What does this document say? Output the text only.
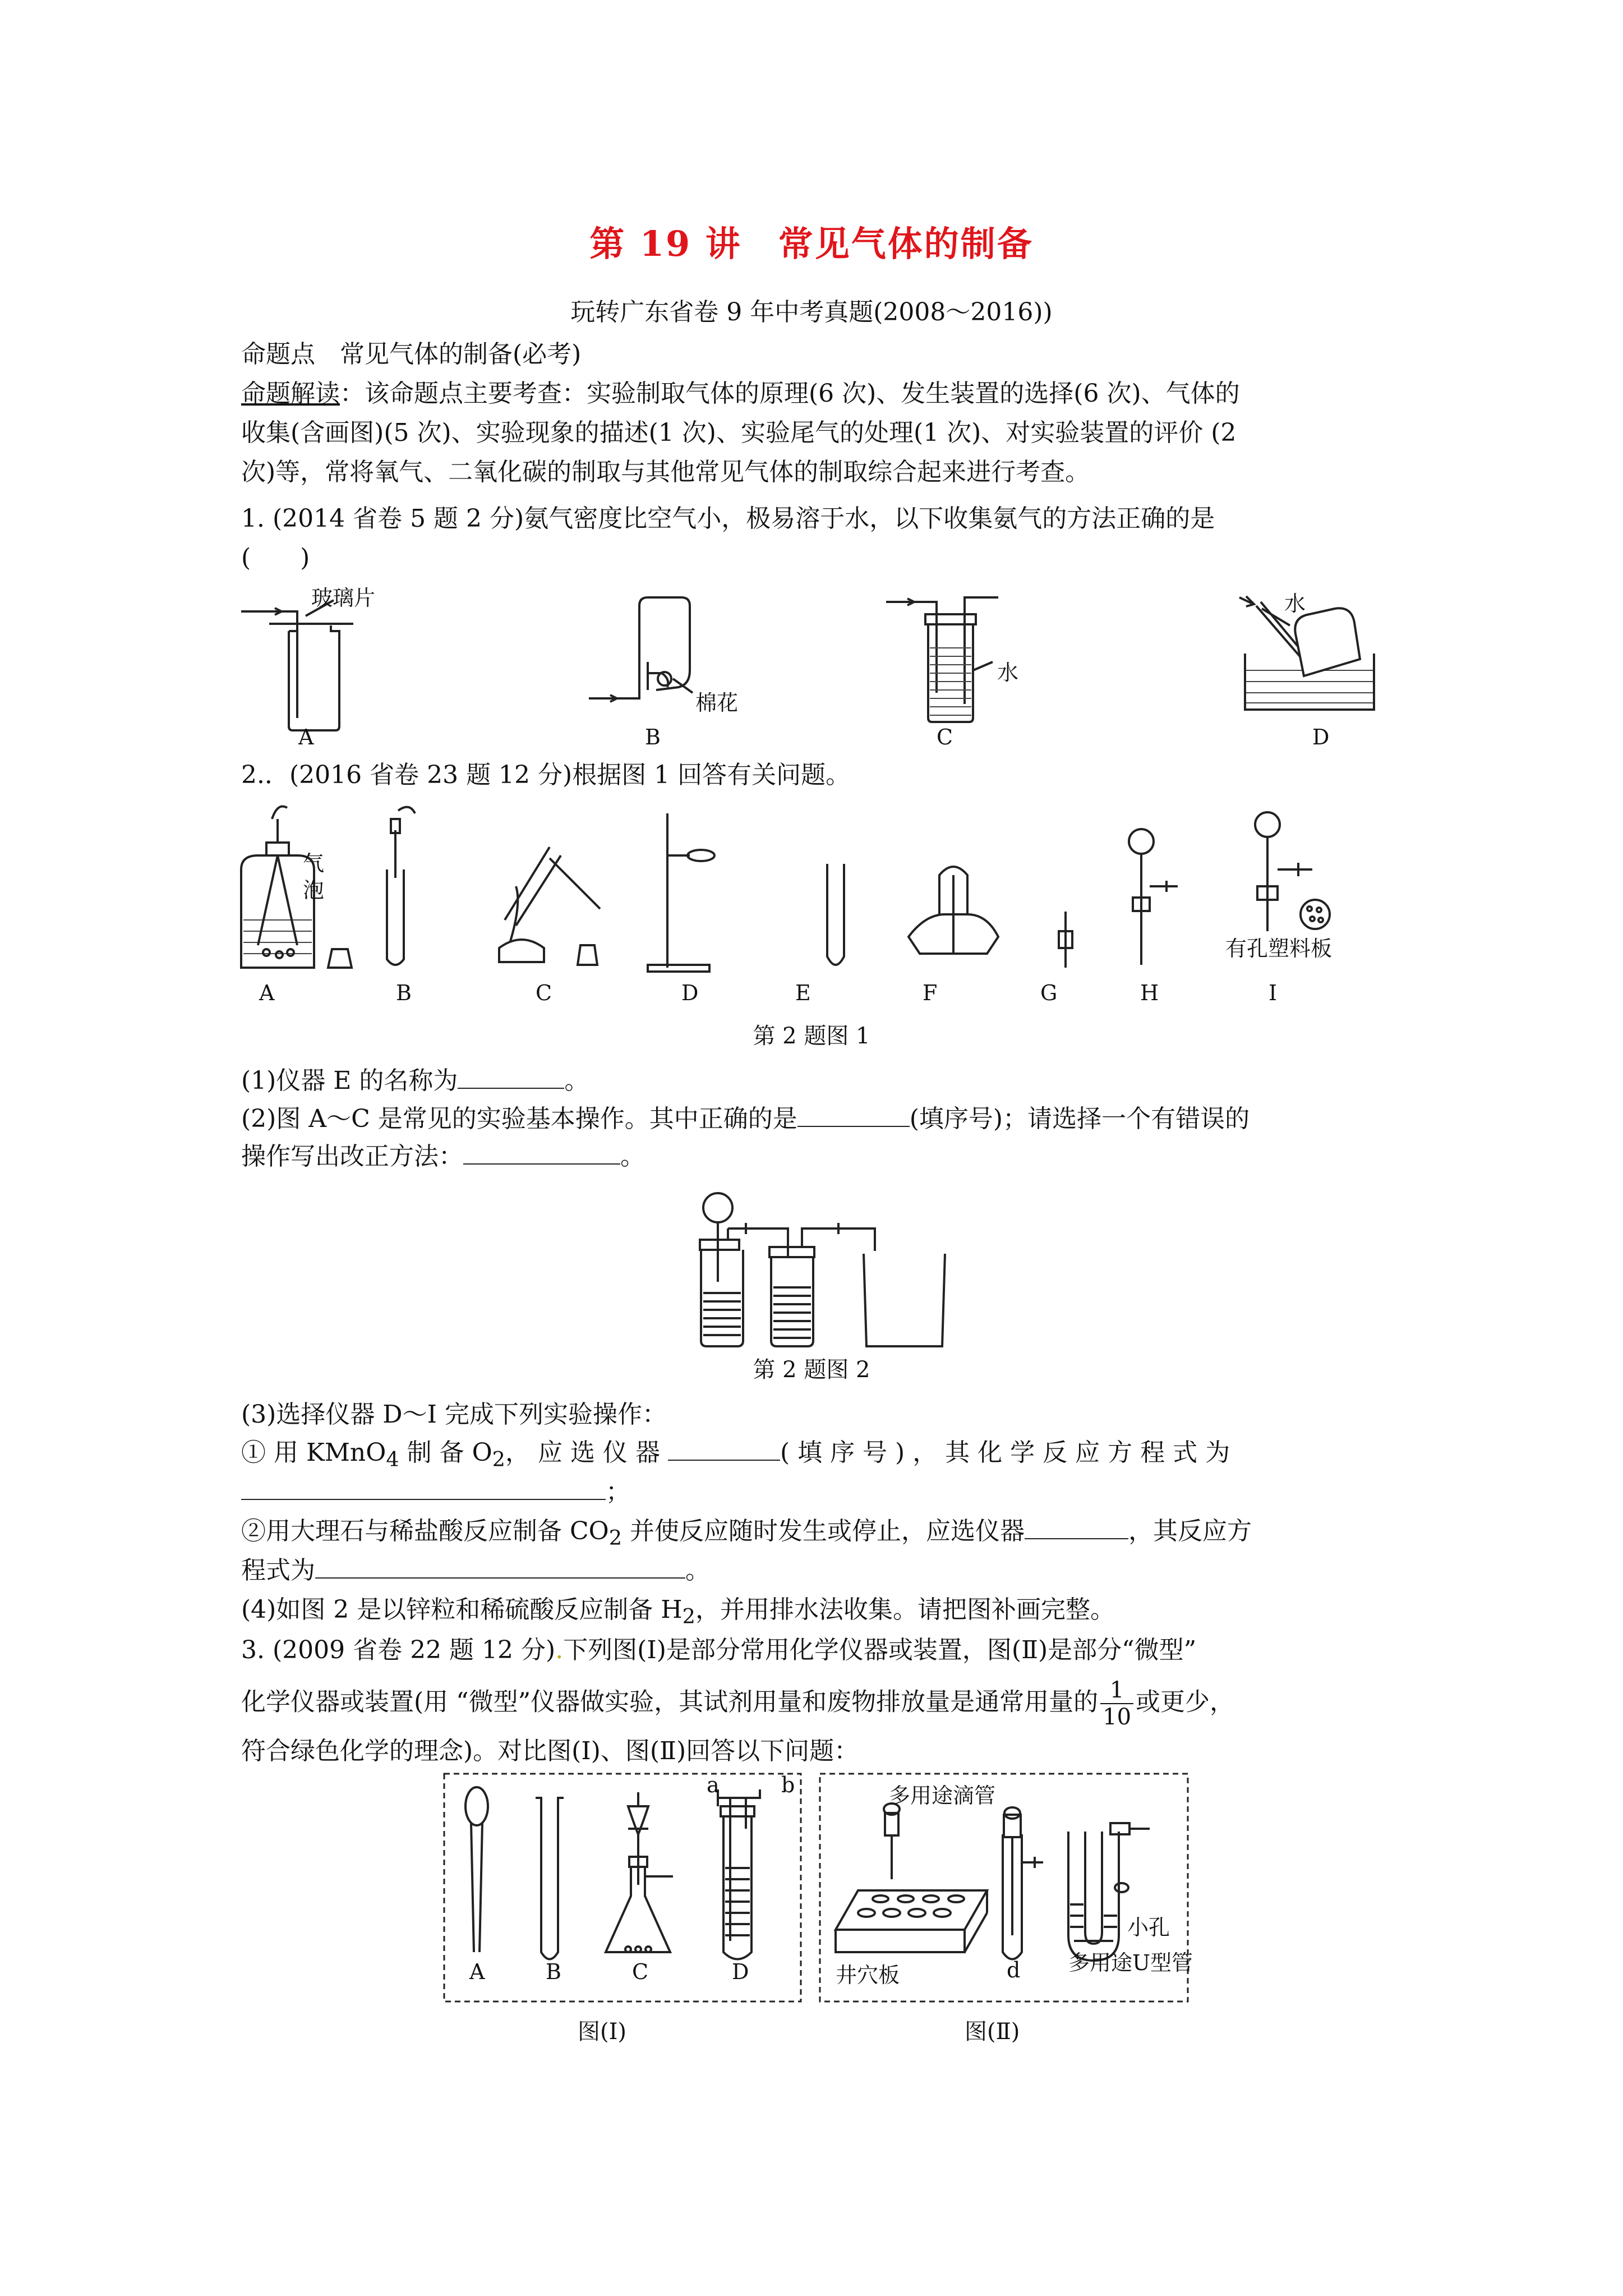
第 19 讲　常见气体的制备
玩转广东省卷 9 年中考真题(2008～2016))
命题点　常见气体的制备(必考)
命题解读：该命题点主要考查：实验制取气体的原理(6 次)、发生装置的选择(6 次)、气体的
收集(含画图)(5 次)、实验现象的描述(1 次)、实验尾气的处理(1 次)、对实验装置的评价 (2
次)等，常将氧气、二氧化碳的制取与其他常见气体的制取综合起来进行考查。
1. (2014 省卷 5 题 2 分)氨气密度比空气小，极易溶于水，以下收集氨气的方法正确的是
(　　)
玻璃片
A
棉花
B
水
C
水
D
2.．(2016 省卷 23 题 12 分)根据图 1 回答有关问题。
气
泡
有孔塑料板
A	B	C	D	E	F	G	H	I
第 2 题图 1
(1)仪器 E 的名称为	。
(2)图 A～C 是常见的实验基本操作。其中正确的是	(填序号)；请选择一个有错误的
操作写出改正方法：	。
第 2 题图 2
(3)选择仪器 D～I 完成下列实验操作：
① 用 KMnO$_4$ 制 备 $O_2$， 应 选 仪 器	( 填 序 号 ) ， 其 化 学 反 应 方 程 式 为
；
②用大理石与稀盐酸反应制备 $CO_2$ 并使反应随时发生或停止，应选仪器	，其反应方
程式为	。
(4)如图 2 是以锌粒和稀硫酸反应制备 $H_2$，并用排水法收集。请把图补画完整。
3. (2009 省卷 22 题 12 分).下列图(Ⅰ)是部分常用化学仪器或装置，图(Ⅱ)是部分“微型”
化学仪器或装置(用 “微型”仪器做实验，其试剂用量和废物排放量是通常用量的 $\frac{1}{10}$ 或更少，
符合绿色化学的理念)。对比图(Ⅰ)、图(Ⅱ)回答以下问题：
A	B	C	D
a	b
图(Ⅰ)
多用途滴管
井穴板	d
小孔
多用途U型管
图(Ⅱ)
